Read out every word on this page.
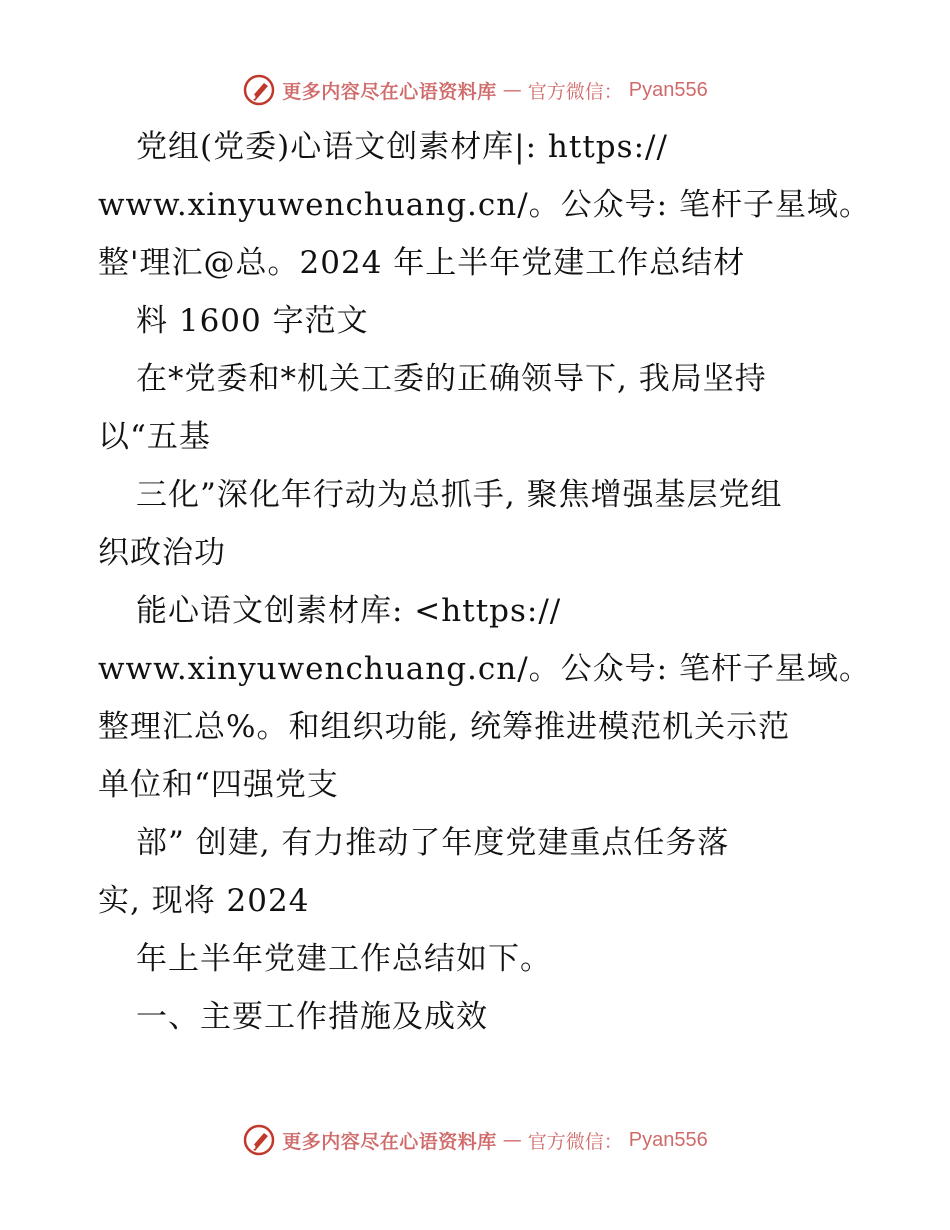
更多内容尽在心语资料库 — 官方微信： Pyan556
党组(党委)心语文创素材库|: https://
www.xinyuwenchuang.cn/。公众号: 笔杆子星域。
整'理汇@总。2024 年上半年党建工作总结材
料 1600 字范文
在*党委和*机关工委的正确领导下, 我局坚持
以“五基
三化”深化年行动为总抓手, 聚焦增强基层党组
织政治功
能心语文创素材库: <https://
www.xinyuwenchuang.cn/。公众号: 笔杆子星域。
整理汇总%。和组织功能, 统筹推进模范机关示范
单位和“四强党支
部” 创建, 有力推动了年度党建重点任务落
实, 现将 2024
年上半年党建工作总结如下。
一、主要工作措施及成效
更多内容尽在心语资料库 — 官方微信： Pyan556
